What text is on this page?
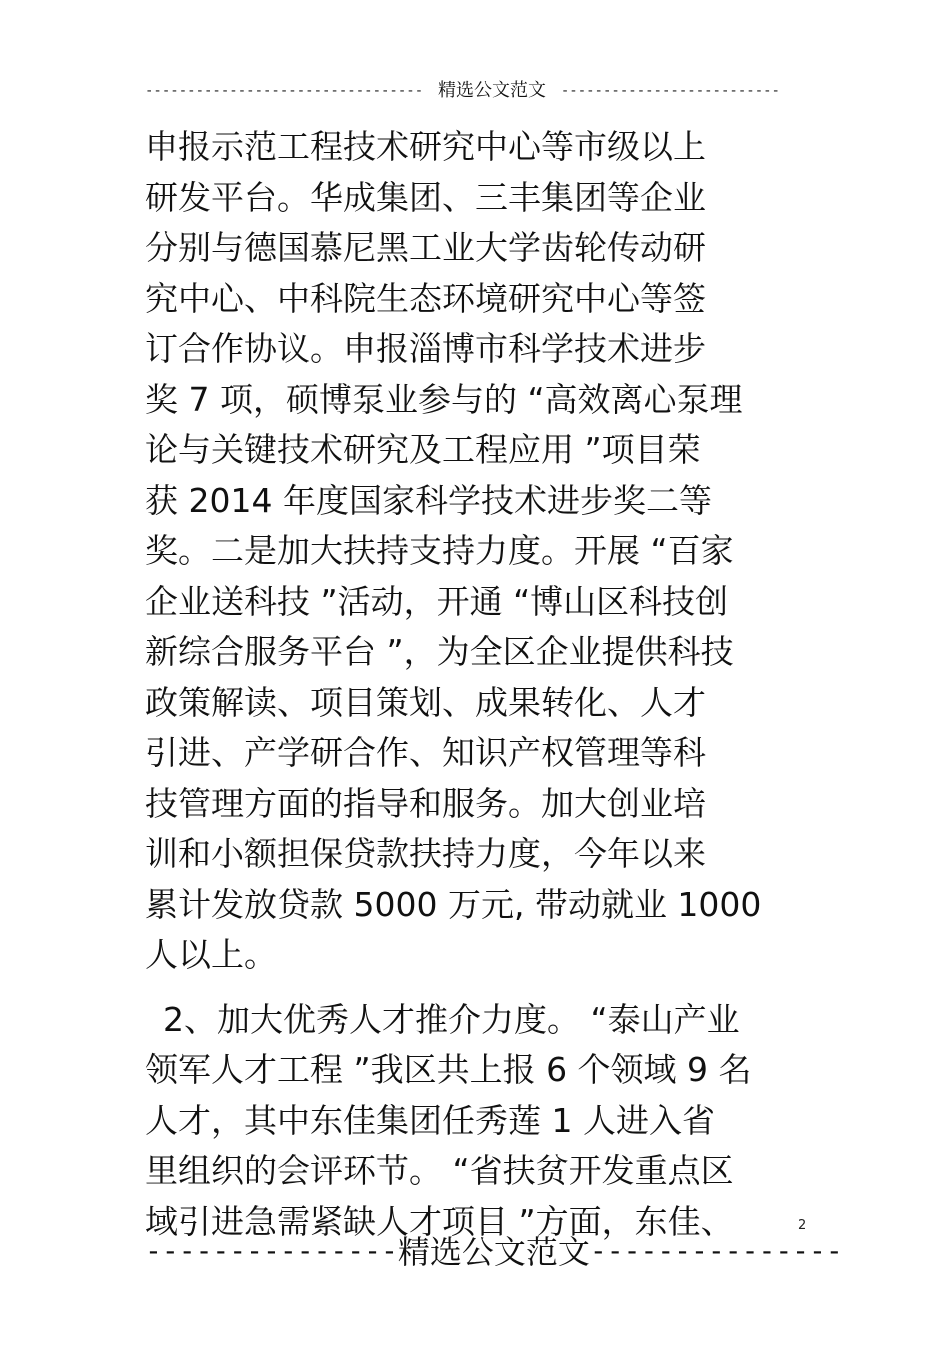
--------------------------------- 精选公文范文 --------------------------
申报示范工程技术研究中心等市级以上
研发平台。华成集团、三丰集团等企业
分别与德国慕尼黑工业大学齿轮传动研
究中心、中科院生态环境研究中心等签
订合作协议。申报淄博市科学技术进步
奖 7 项，硕博泵业参与的 “高效离心泵理
论与关键技术研究及工程应用 ”项目荣
获 2014 年度国家科学技术进步奖二等
奖。二是加大扶持支持力度。开展 “百家
企业送科技 ”活动，开通 “博山区科技创
新综合服务平台 ”，为全区企业提供科技
政策解读、项目策划、成果转化、人才
引进、产学研合作、知识产权管理等科
技管理方面的指导和服务。加大创业培
训和小额担保贷款扶持力度，今年以来
累计发放贷款 5000 万元, 带动就业 1000
人以上。
2、加大优秀人才推介力度。 “泰山产业
领军人才工程 ”我区共上报 6 个领域 9 名
人才，其中东佳集团任秀莲 1 人进入省
里组织的会评环节。 “省扶贫开发重点区
域引进急需紧缺人才项目 ”方面，东佳、	2
--------------- 精选公文范文 ---------------
